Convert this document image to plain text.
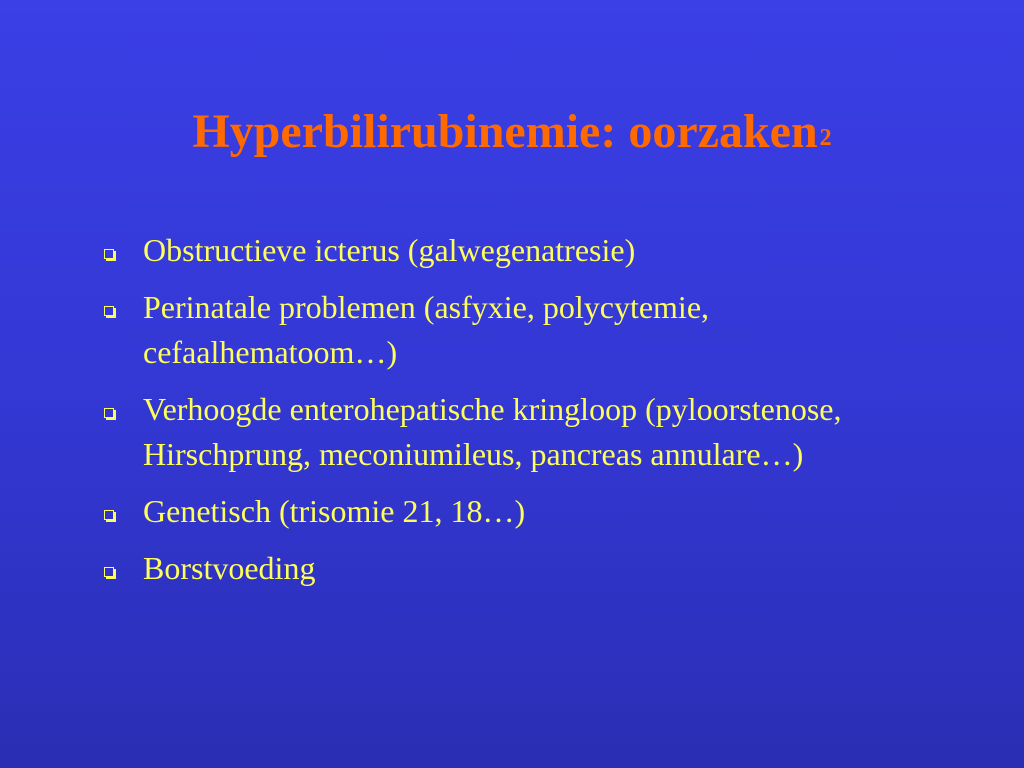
Hyperbilirubinemie: oorzaken$^2$
Obstructieve icterus (galwegenatresie)
Perinatale problemen (asfyxie, polycytemie, cefaalhematoom…)
Verhoogde enterohepatische kringloop (pyloorstenose, Hirschprung, meconiumileus, pancreas annulare…)
Genetisch (trisomie 21, 18…)
Borstvoeding
